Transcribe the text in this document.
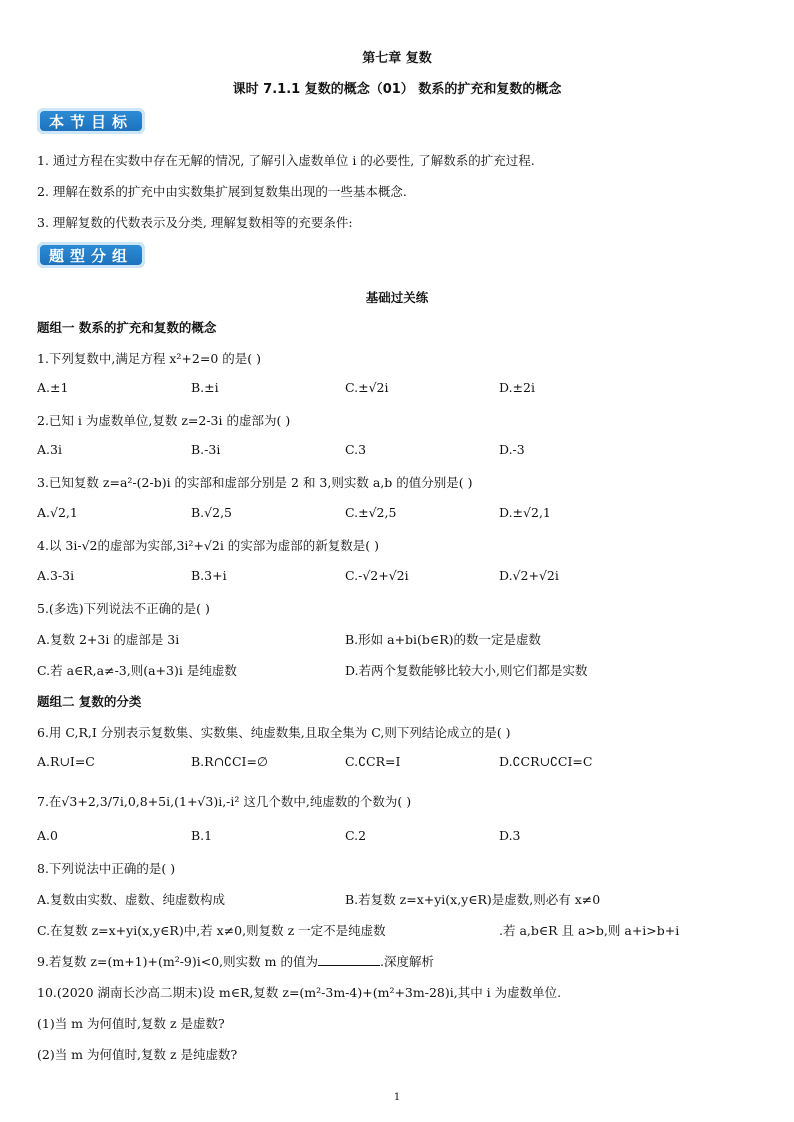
第七章 复数
课时 7.1.1 复数的概念（01） 数系的扩充和复数的概念
本节目标
1. 通过方程在实数中存在无解的情况, 了解引入虚数单位 i 的必要性, 了解数系的扩充过程.
2. 理解在数系的扩充中由实数集扩展到复数集出现的一些基本概念.
3. 理解复数的代数表示及分类, 理解复数相等的充要条件:
题型分组
基础过关练
题组一 数系的扩充和复数的概念
1.下列复数中,满足方程 x²+2=0 的是( )
A.±1	B.±i	C.±√2i	D.±2i
2.已知 i 为虚数单位,复数 z=2-3i 的虚部为( )
A.3i	B.-3i	C.3	D.-3
3.已知复数 z=a²-(2-b)i 的实部和虚部分别是 2 和 3,则实数 a,b 的值分别是( )
A.√2,1	B.√2,5	C.±√2,5	D.±√2,1
4.以 3i-√2的虚部为实部,3i²+√2i 的实部为虚部的新复数是( )
A.3-3i	B.3+i	C.-√2+√2i	D.√2+√2i
5.(多选)下列说法不正确的是( )
A.复数 2+3i 的虚部是 3i	B.形如 a+bi(b∈R)的数一定是虚数
C.若 a∈R,a≠-3,则(a+3)i 是纯虚数	D.若两个复数能够比较大小,则它们都是实数
题组二 复数的分类
6.用 C,R,I 分别表示复数集、实数集、纯虚数集,且取全集为 C,则下列结论成立的是( )
A.R∪I=C	B.R∩∁CI=∅	C.∁CR=I	D.∁CR∪∁CI=C
7.在√3+2,3/7i,0,8+5i,(1+√3)i,-i² 这几个数中,纯虚数的个数为( )
A.0	B.1	C.2	D.3
8.下列说法中正确的是( )
A.复数由实数、虚数、纯虚数构成	B.若复数 z=x+yi(x,y∈R)是虚数,则必有 x≠0
C.在复数 z=x+yi(x,y∈R)中,若 x≠0,则复数 z 一定不是纯虚数	.若 a,b∈R 且 a>b,则 a+i>b+i
9.若复数 z=(m+1)+(m²-9)i<0,则实数 m 的值为	.深度解析
10.(2020 湖南长沙高二期末)设 m∈R,复数 z=(m²-3m-4)+(m²+3m-28)i,其中 i 为虚数单位.
(1)当 m 为何值时,复数 z 是虚数?
(2)当 m 为何值时,复数 z 是纯虚数?
1
